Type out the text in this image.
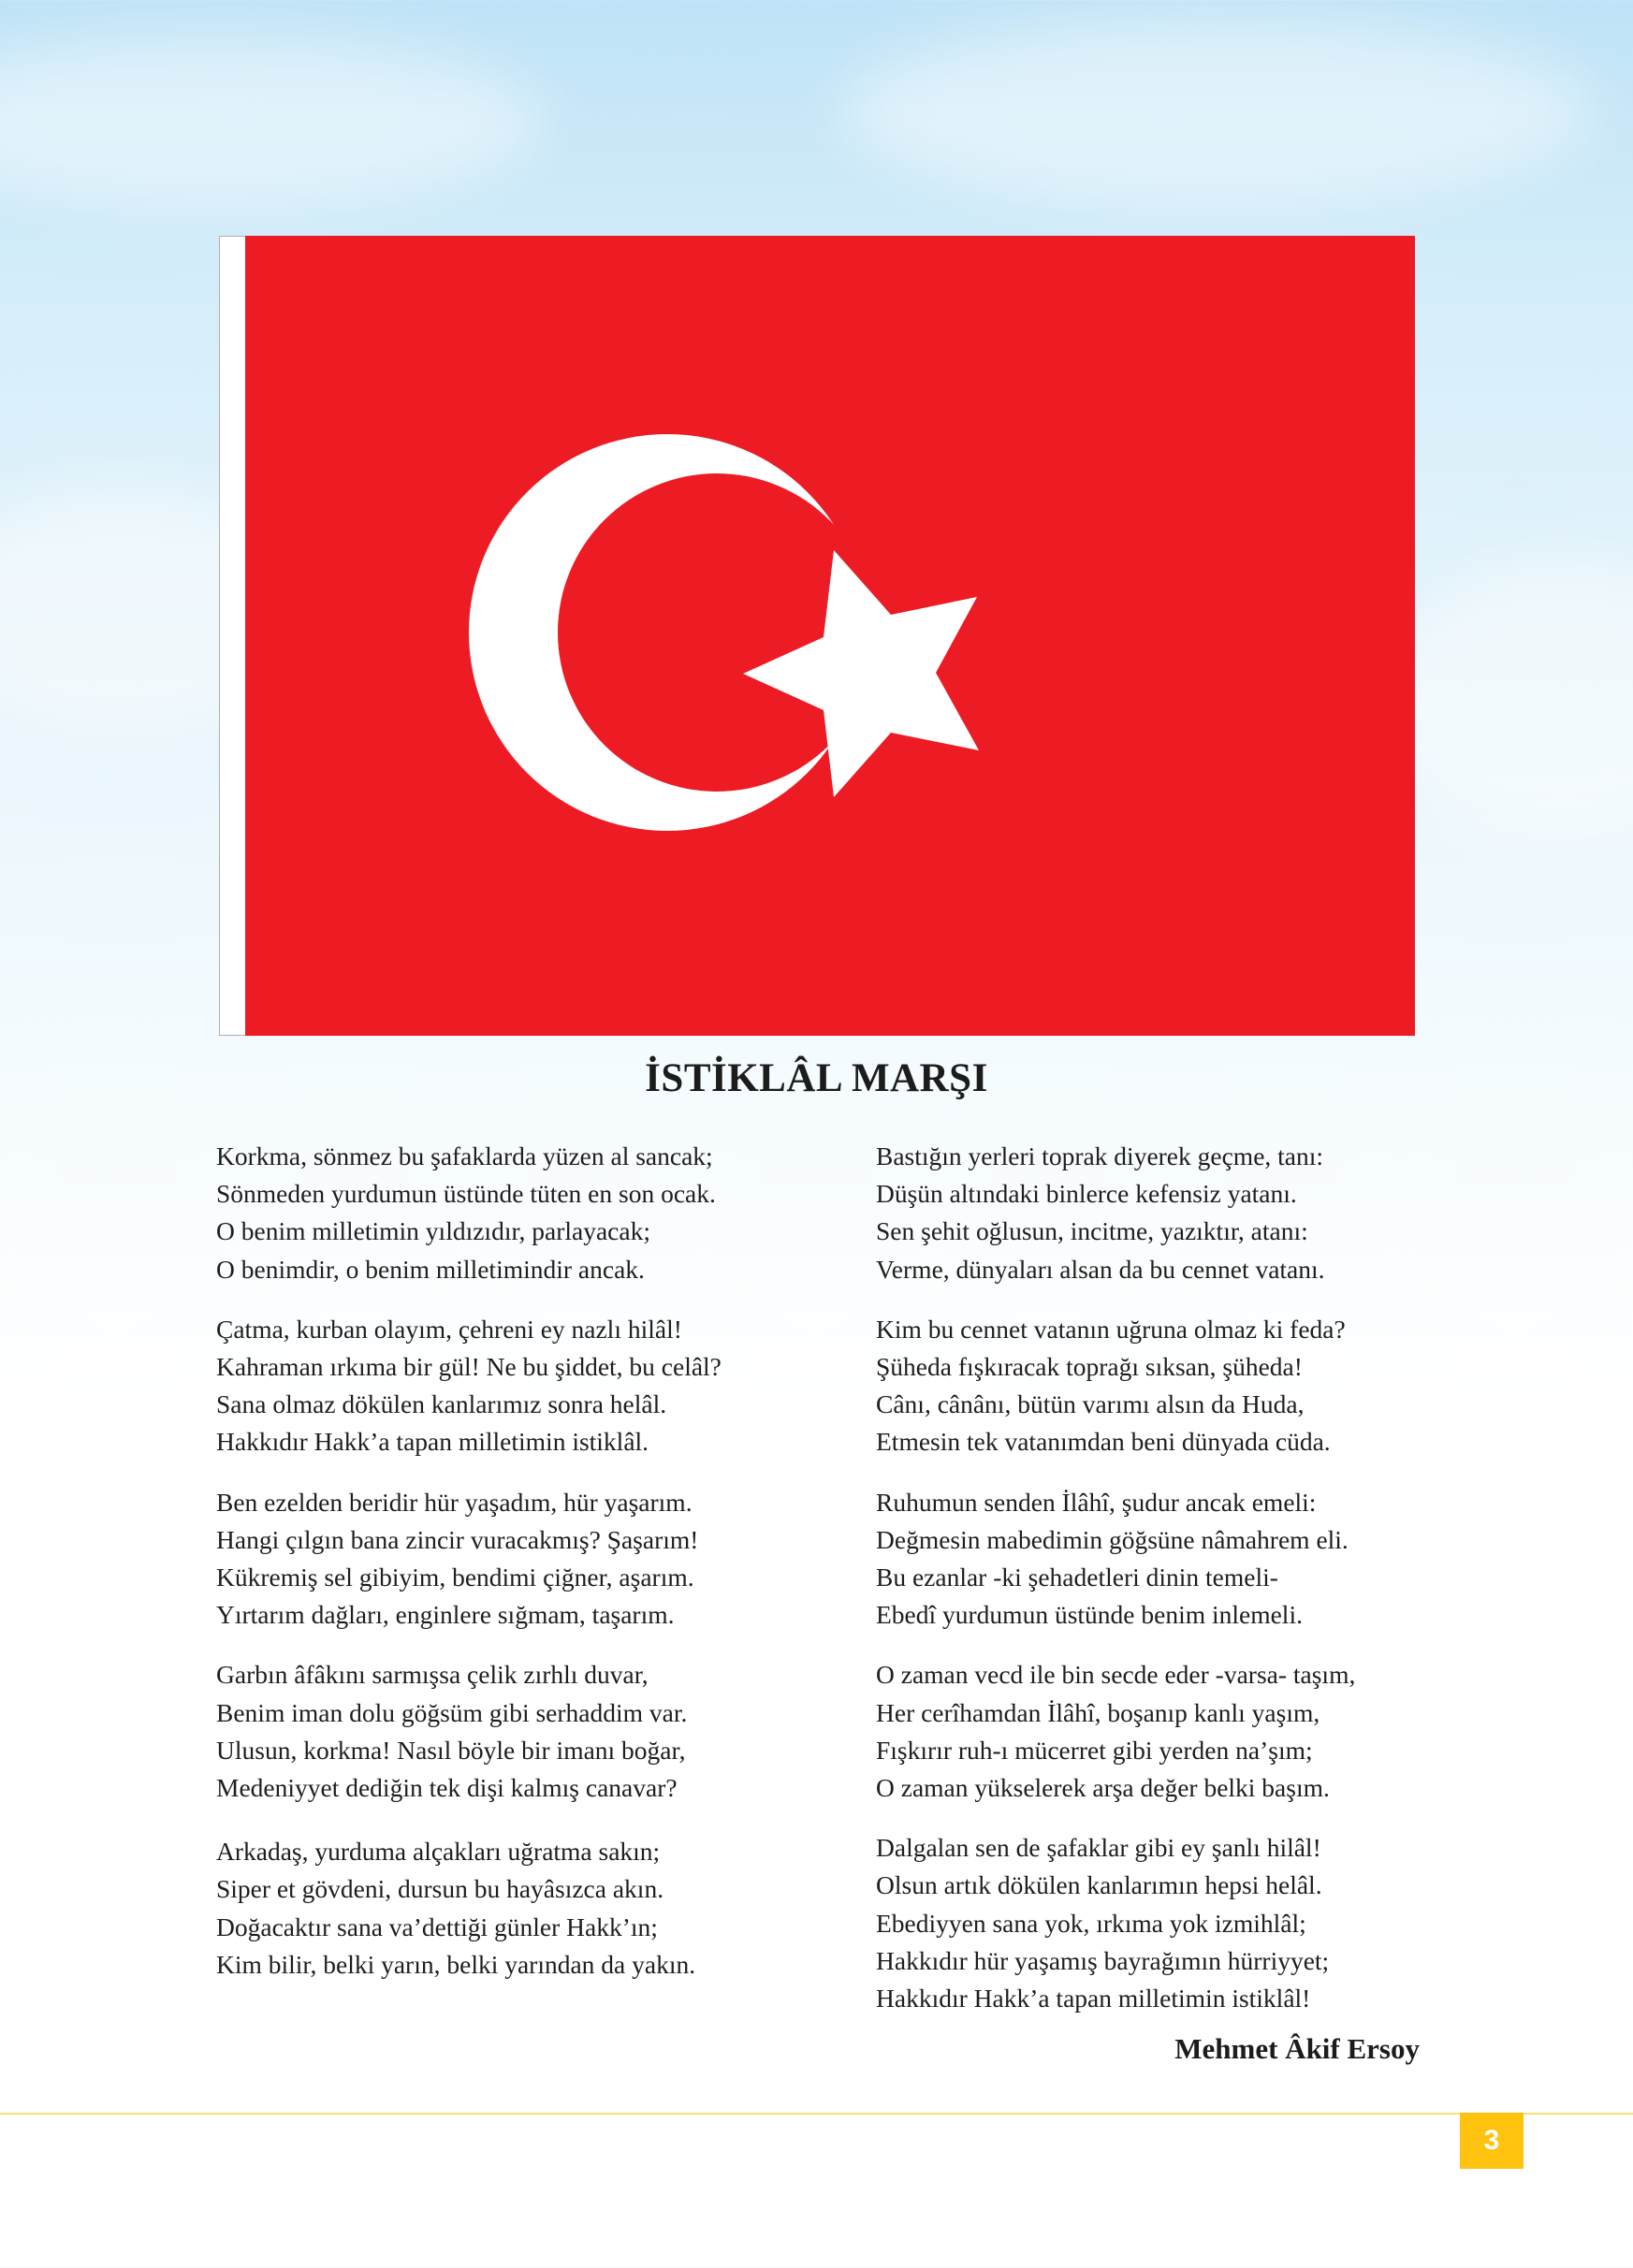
İSTİKLÂL MARŞI
Korkma, sönmez bu şafaklarda yüzen al sancak;
Sönmeden yurdumun üstünde tüten en son ocak.
O benim milletimin yıldızıdır, parlayacak;
O benimdir, o benim milletimindir ancak.
Çatma, kurban olayım, çehreni ey nazlı hilâl!
Kahraman ırkıma bir gül! Ne bu şiddet, bu celâl?
Sana olmaz dökülen kanlarımız sonra helâl.
Hakkıdır Hakk’a tapan milletimin istiklâl.
Ben ezelden beridir hür yaşadım, hür yaşarım.
Hangi çılgın bana zincir vuracakmış? Şaşarım!
Kükremiş sel gibiyim, bendimi çiğner, aşarım.
Yırtarım dağları, enginlere sığmam, taşarım.
Garbın âfâkını sarmışsa çelik zırhlı duvar,
Benim iman dolu göğsüm gibi serhaddim var.
Ulusun, korkma! Nasıl böyle bir imanı boğar,
Medeniyyet dediğin tek dişi kalmış canavar?
Arkadaş, yurduma alçakları uğratma sakın;
Siper et gövdeni, dursun bu hayâsızca akın.
Doğacaktır sana va’dettiği günler Hakk’ın;
Kim bilir, belki yarın, belki yarından da yakın.
Bastığın yerleri toprak diyerek geçme, tanı:
Düşün altındaki binlerce kefensiz yatanı.
Sen şehit oğlusun, incitme, yazıktır, atanı:
Verme, dünyaları alsan da bu cennet vatanı.
Kim bu cennet vatanın uğruna olmaz ki feda?
Şüheda fışkıracak toprağı sıksan, şüheda!
Cânı, cânânı, bütün varımı alsın da Huda,
Etmesin tek vatanımdan beni dünyada cüda.
Ruhumun senden İlâhî, şudur ancak emeli:
Değmesin mabedimin göğsüne nâmahrem eli.
Bu ezanlar -ki şehadetleri dinin temeli-
Ebedî yurdumun üstünde benim inlemeli.
O zaman vecd ile bin secde eder -varsa- taşım,
Her cerîhamdan İlâhî, boşanıp kanlı yaşım,
Fışkırır ruh-ı mücerret gibi yerden na’şım;
O zaman yükselerek arşa değer belki başım.
Dalgalan sen de şafaklar gibi ey şanlı hilâl!
Olsun artık dökülen kanlarımın hepsi helâl.
Ebediyyen sana yok, ırkıma yok izmihlâl;
Hakkıdır hür yaşamış bayrağımın hürriyyet;
Hakkıdır Hakk’a tapan milletimin istiklâl!
Mehmet Âkif Ersoy
3
